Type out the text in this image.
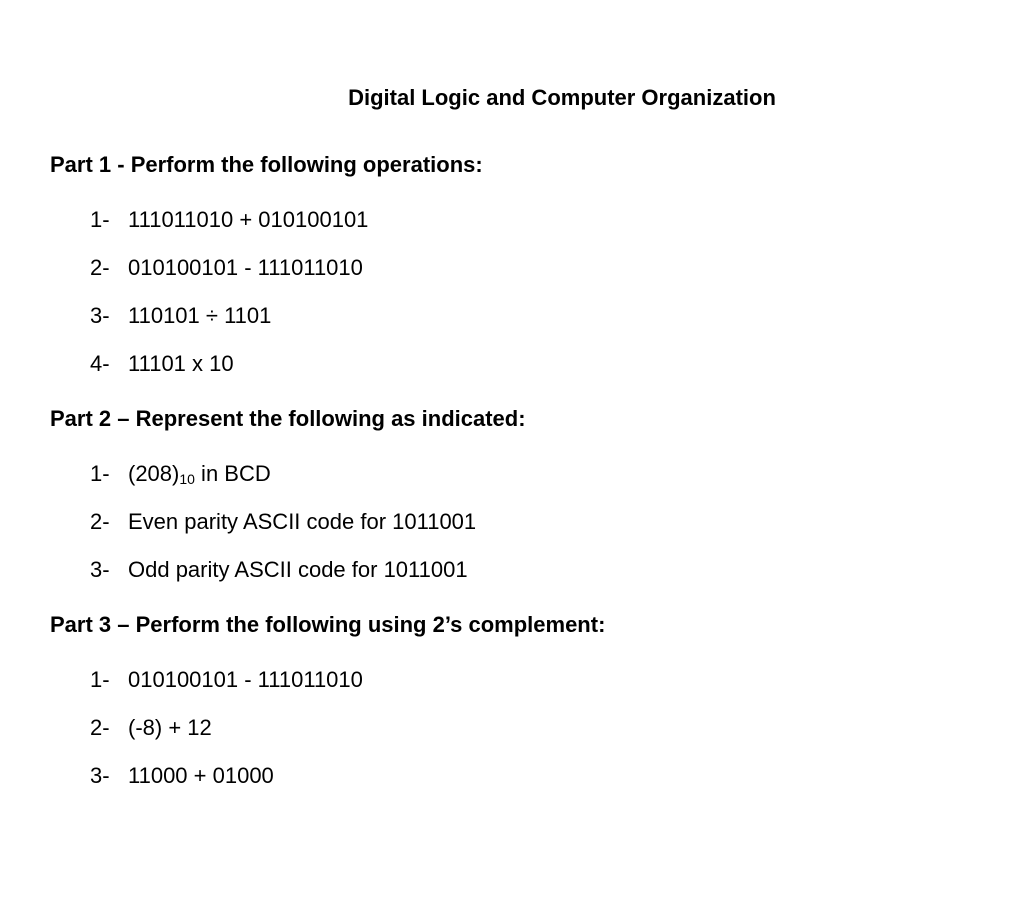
Digital Logic and Computer Organization
Part 1 - Perform the following operations:
1- 111011010 + 010100101
2- 010100101 - 111011010
3- 110101 ÷ 1101
4- 11101 x 10
Part 2 – Represent the following as indicated:
1- $(208)_{10}$ in BCD
2- Even parity ASCII code for 1011001
3- Odd parity ASCII code for 1011001
Part 3 – Perform the following using 2’s complement:
1- 010100101 - 111011010
2- (-8) + 12
3- 11000 + 01000
